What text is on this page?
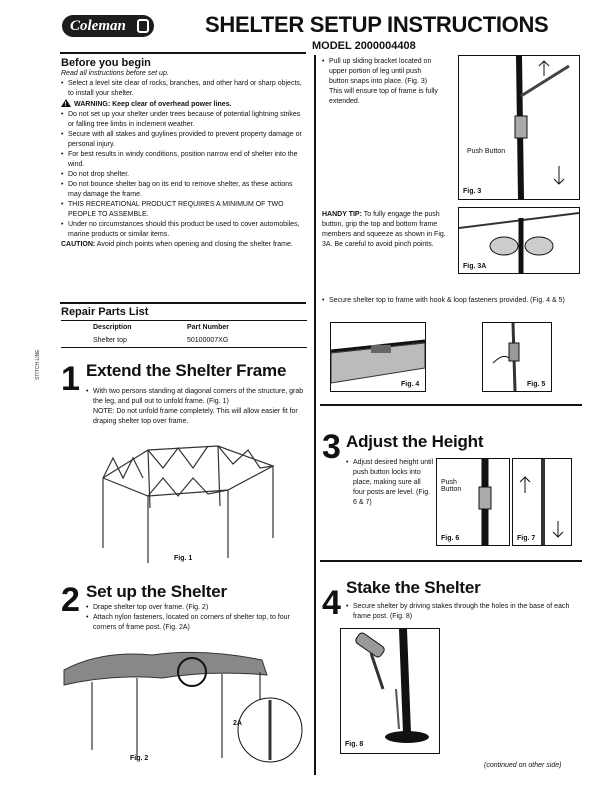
Coleman	SHELTER SETUP INSTRUCTIONS
MODEL 2000004408
Before you begin
Read all instructions before set up.
• Select a level site clear of rocks, branches, and other hard or sharp objects, to install your shelter.
!WARNING: Keep clear of overhead power lines.
• Do not set up your shelter under trees because of potential lightning strikes or falling tree limbs in inclement weather.
• Secure with all stakes and guylines provided to prevent property damage or personal injury.
• For best results in windy conditions, position narrow end of shelter into the wind.
• Do not drop shelter.
• Do not bounce shelter bag on its end to remove shelter, as these actions may damage the frame.
• THIS RECREATIONAL PRODUCT REQUIRES A MINIMUM OF TWO PEOPLE TO ASSEMBLE.
• Under no circumstances should this product be used to cover automobiles, marine products or similar items.
CAUTION: Avoid pinch points when opening and closing the shelter frame.
Repair Parts List
Description	Part Number
Shelter top	50100007XG
STITCH LINE 1 Extend the Shelter Frame
• With two persons standing at diagonal corners of the structure, grab the leg, and pull out to unfold frame. (Fig. 1)
NOTE: Do not unfold frame completely. This will allow easier fit for draping shelter top over frame.
Fig. 1
2 Set up the Shelter
• Drape shelter top over frame. (Fig. 2)
• Attach nylon fasteners, located on corners of shelter top, to four corners of frame post. (Fig. 2A)
Fig. 2
2A
• Pull up sliding bracket located on upper portion of leg until push button snaps into place. (Fig. 3) This will ensure top of frame is fully extended.
Push Button
Fig. 3
HANDY TIP: To fully engage the push button, grip the top and bottom frame members and squeeze as shown in Fig. 3A. Be careful to avoid pinch points.
Fig. 3A
• Secure shelter top to frame with hook & loop fasteners provided. (Fig. 4 & 5)
Fig. 4	Fig. 5
3 Adjust the Height
• Adjust desired height until push button locks into place, making sure all four posts are level. (Fig. 6 & 7)
Push Button
Fig. 6	Fig. 7
4 Stake the Shelter
• Secure shelter by driving stakes through the holes in the base of each frame post. (Fig. 8)
Fig. 8
(continued on other side)
